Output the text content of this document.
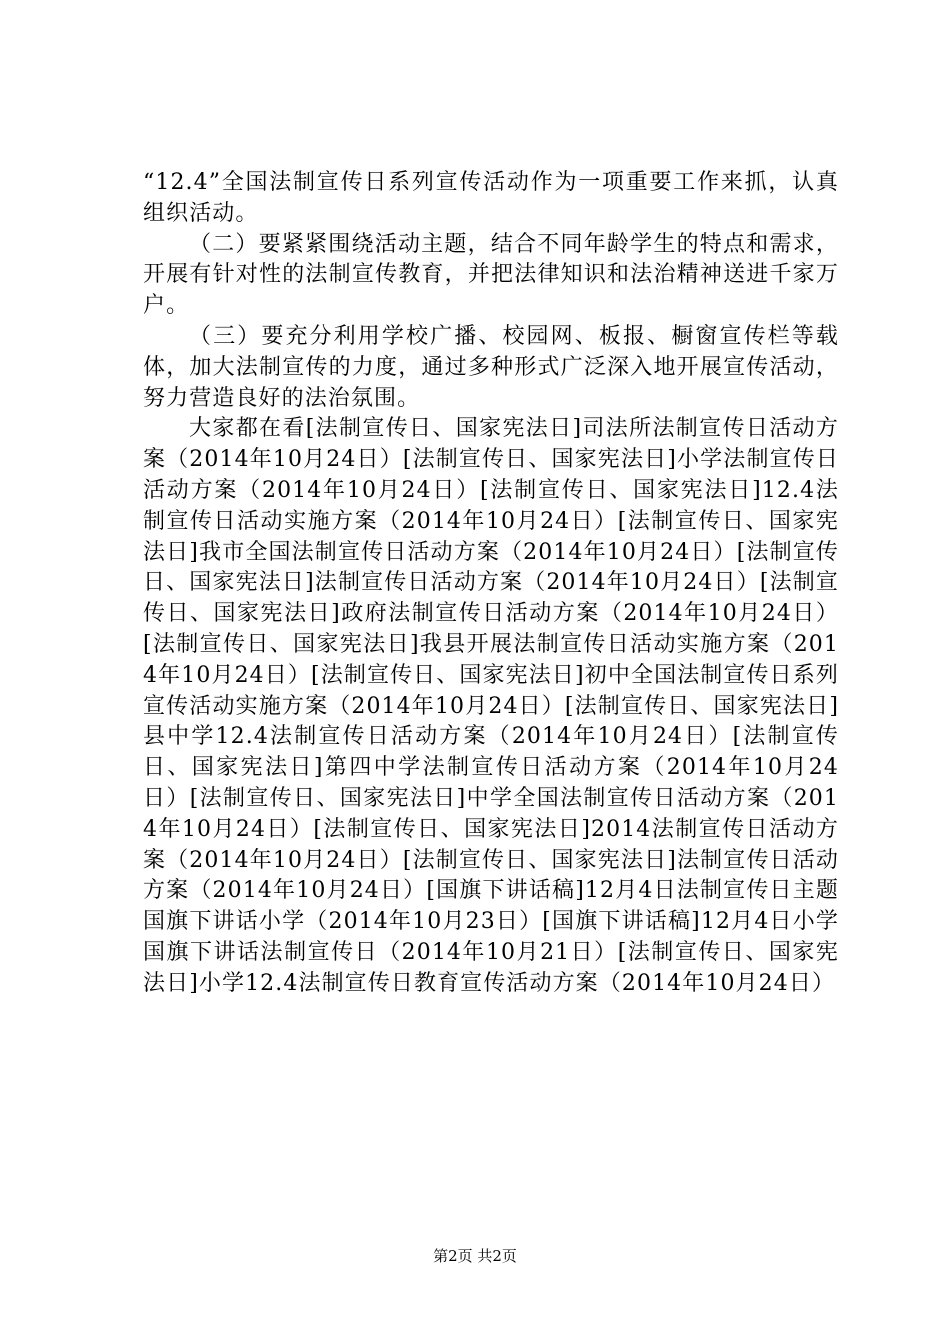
“12.4”全国法制宣传日系列宣传活动作为一项重要工作来抓，认真组织活动。

（二）要紧紧围绕活动主题，结合不同年龄学生的特点和需求，开展有针对性的法制宣传教育，并把法律知识和法治精神送进千家万户。

（三）要充分利用学校广播、校园网、板报、橱窗宣传栏等载体，加大法制宣传的力度，通过多种形式广泛深入地开展宣传活动，努力营造良好的法治氛围。

大家都在看[法制宣传日、国家宪法日]司法所法制宣传日活动方案（2014年10月24日）[法制宣传日、国家宪法日]小学法制宣传日活动方案（2014年10月24日）[法制宣传日、国家宪法日]12.4法制宣传日活动实施方案（2014年10月24日）[法制宣传日、国家宪法日]我市全国法制宣传日活动方案（2014年10月24日）[法制宣传日、国家宪法日]法制宣传日活动方案（2014年10月24日）[法制宣传日、国家宪法日]政府法制宣传日活动方案（2014年10月24日）[法制宣传日、国家宪法日]我县开展法制宣传日活动实施方案（2014年10月24日）[法制宣传日、国家宪法日]初中全国法制宣传日系列宣传活动实施方案（2014年10月24日）[法制宣传日、国家宪法日]县中学12.4法制宣传日活动方案（2014年10月24日）[法制宣传日、国家宪法日]第四中学法制宣传日活动方案（2014年10月24日）[法制宣传日、国家宪法日]中学全国法制宣传日活动方案（2014年10月24日）[法制宣传日、国家宪法日]2014法制宣传日活动方案（2014年10月24日）[法制宣传日、国家宪法日]法制宣传日活动方案（2014年10月24日）[国旗下讲话稿]12月4日法制宣传日主题国旗下讲话小学（2014年10月23日）[国旗下讲话稿]12月4日小学国旗下讲话法制宣传日（2014年10月21日）[法制宣传日、国家宪法日]小学12.4法制宣传日教育宣传活动方案（2014年10月24日）

第2页 共2页
